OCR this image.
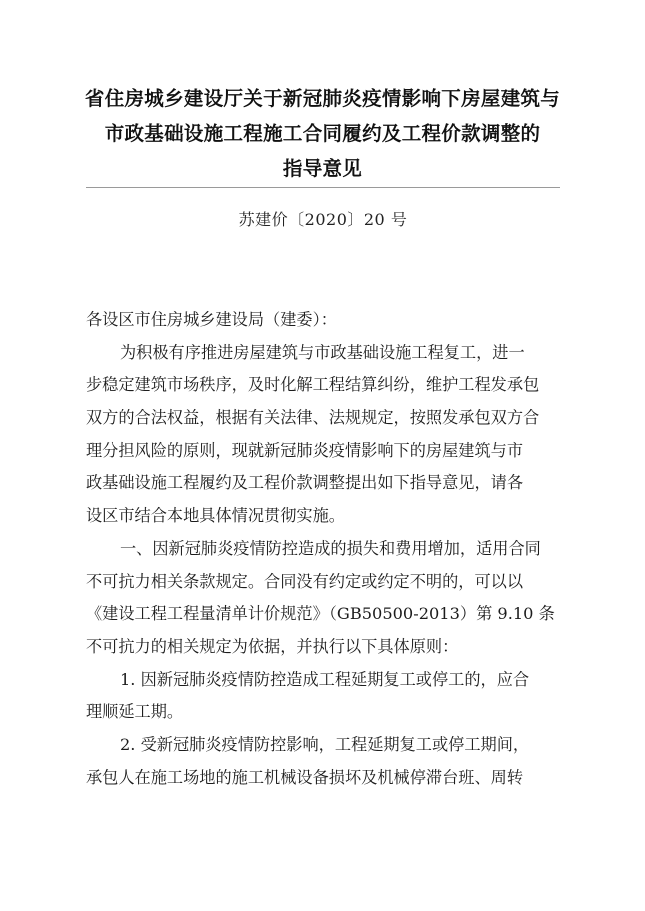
省住房城乡建设厅关于新冠肺炎疫情影响下房屋建筑与
市政基础设施工程施工合同履约及工程价款调整的
指导意见
苏建价〔2020〕20 号
各设区市住房城乡建设局（建委）：
为积极有序推进房屋建筑与市政基础设施工程复工，进一
步稳定建筑市场秩序，及时化解工程结算纠纷，维护工程发承包
双方的合法权益，根据有关法律、法规规定，按照发承包双方合
理分担风险的原则，现就新冠肺炎疫情影响下的房屋建筑与市
政基础设施工程履约及工程价款调整提出如下指导意见，请各
设区市结合本地具体情况贯彻实施。
一、因新冠肺炎疫情防控造成的损失和费用增加，适用合同
不可抗力相关条款规定。合同没有约定或约定不明的，可以以
《建设工程工程量清单计价规范》（GB50500-2013）第 9.10 条
不可抗力的相关规定为依据，并执行以下具体原则：
1. 因新冠肺炎疫情防控造成工程延期复工或停工的，应合
理顺延工期。
2. 受新冠肺炎疫情防控影响，工程延期复工或停工期间，
承包人在施工场地的施工机械设备损坏及机械停滞台班、周转
